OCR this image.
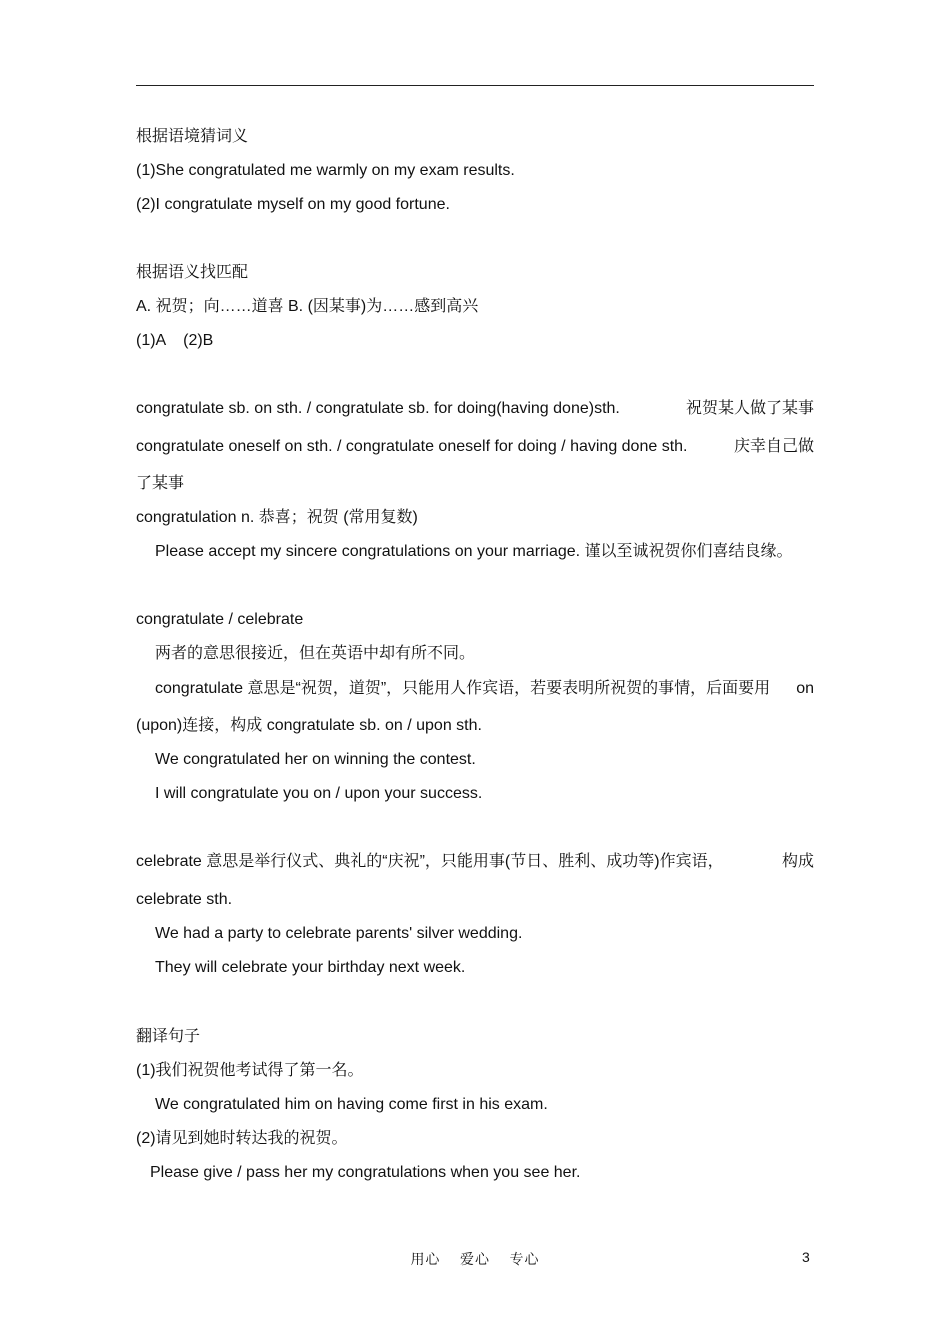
根据语境猜词义
(1)She congratulated me warmly on my exam results.
(2)I congratulate myself on my good fortune.
根据语义找匹配
A. 祝贺；向……道喜 B. (因某事)为……感到高兴
(1)A    (2)B
congratulate sb. on sth. / congratulate sb. for doing(having done)sth.	祝贺某人做了某事
congratulate oneself on sth. / congratulate oneself for doing / having done sth.	庆幸自己做
了某事
congratulation n. 恭喜；祝贺 (常用复数)
Please accept my sincere congratulations on your marriage. 谨以至诚祝贺你们喜结良缘。
congratulate / celebrate
两者的意思很接近，但在英语中却有所不同。
congratulate 意思是“祝贺，道贺”，只能用人作宾语，若要表明所祝贺的事情，后面要用 on
(upon)连接，构成 congratulate sb. on / upon sth.
We congratulated her on winning the contest.
I will congratulate you on / upon your success.
celebrate 意思是举行仪式、典礼的“庆祝”，只能用事(节日、胜利、成功等)作宾语，	构成
celebrate sth.
We had a party to celebrate parents' silver wedding.
They will celebrate your birthday next week.
翻译句子
(1)我们祝贺他考试得了第一名。
We congratulated him on having come first in his exam.
(2)请见到她时转达我的祝贺。
Please give / pass her my congratulations when you see her.
用心    爱心    专心	3
